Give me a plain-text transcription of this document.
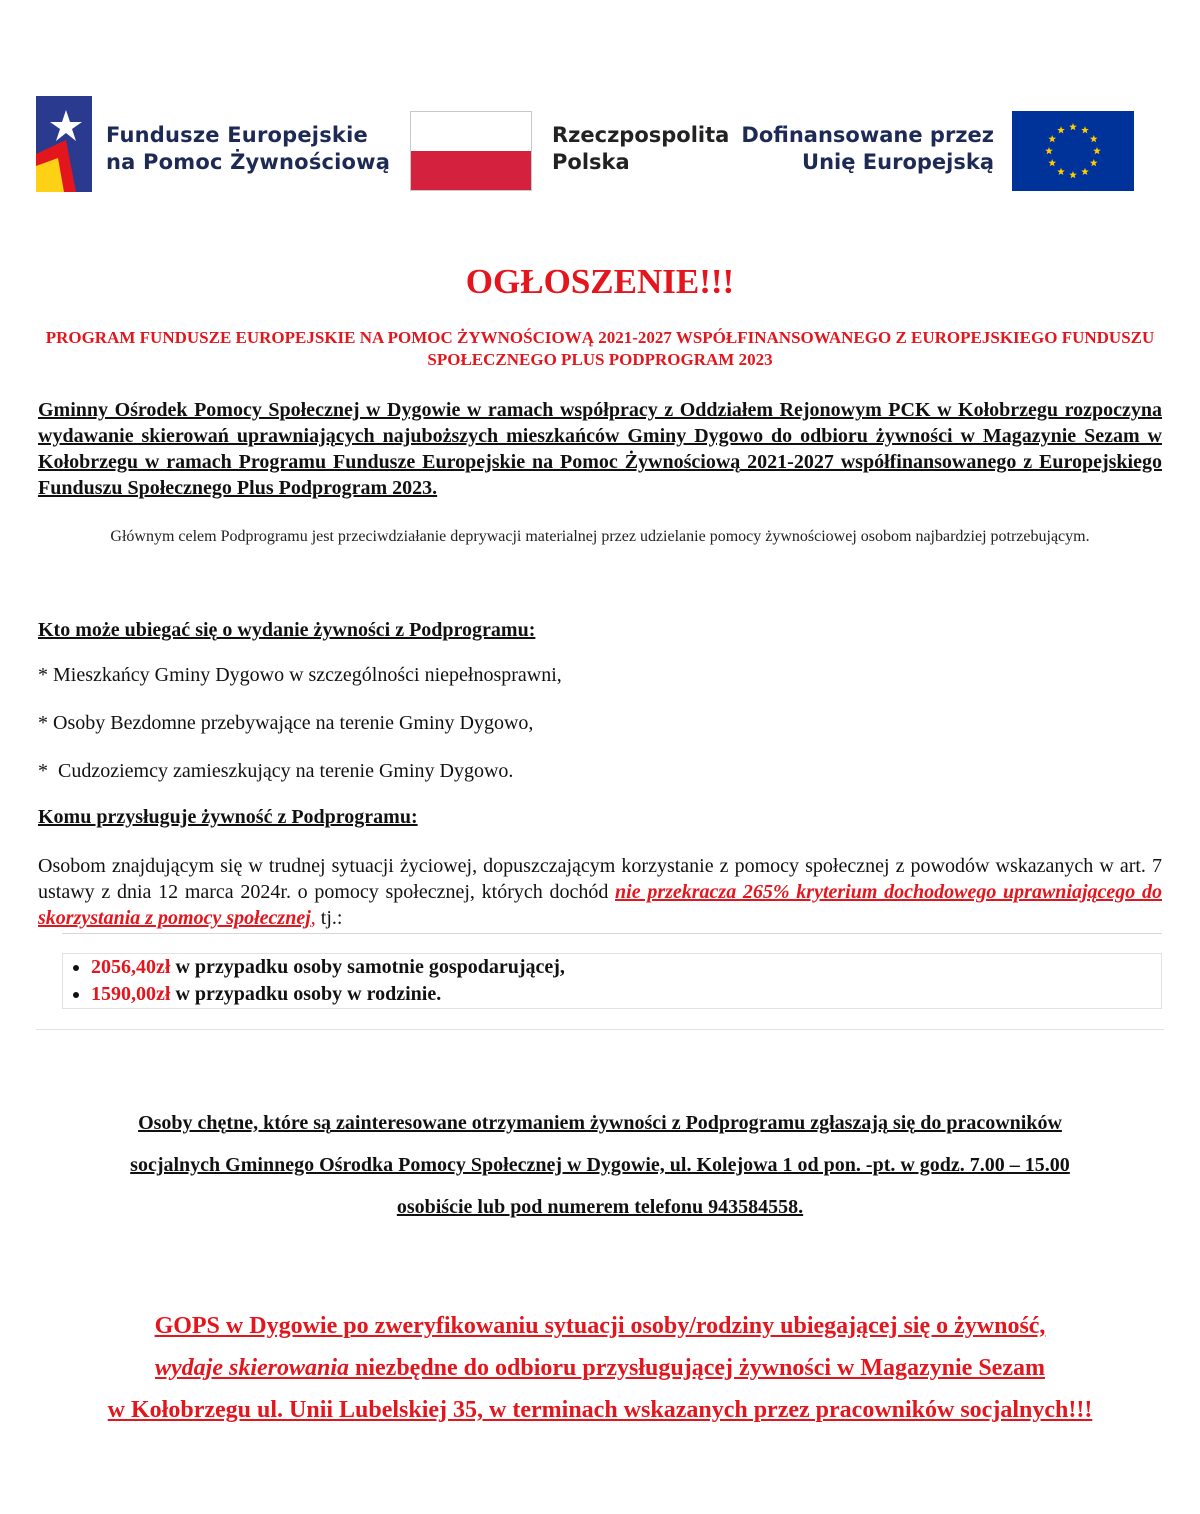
Fundusze Europejskie
na Pomoc Żywnościową
Rzeczpospolita
Polska
Dofinansowane przez
Unię Europejską
OGŁOSZENIE!!!
PROGRAM FUNDUSZE EUROPEJSKIE NA POMOC ŻYWNOŚCIOWĄ 2021-2027 WSPÓŁFINANSOWANEGO Z EUROPEJSKIEGO FUNDUSZU SPOŁECZNEGO PLUS PODPROGRAM 2023
Gminny Ośrodek Pomocy Społecznej w Dygowie w ramach współpracy z Oddziałem Rejonowym PCK w Kołobrzegu rozpoczyna wydawanie skierowań uprawniających najuboższych mieszkańców Gminy Dygowo do odbioru żywności w Magazynie Sezam w Kołobrzegu w ramach Programu Fundusze Europejskie na Pomoc Żywnościową 2021-2027 współfinansowanego z Europejskiego Funduszu Społecznego Plus Podprogram 2023.
Głównym celem Podprogramu jest przeciwdziałanie deprywacji materialnej przez udzielanie pomocy żywnościowej osobom najbardziej potrzebującym.
Kto może ubiegać się o wydanie żywności z Podprogramu:
* Mieszkańcy Gminy Dygowo w szczególności niepełnosprawni,
* Osoby Bezdomne przebywające na terenie Gminy Dygowo,
*  Cudzoziemcy zamieszkujący na terenie Gminy Dygowo.
Komu przysługuje żywność z Podprogramu:
Osobom znajdującym się w trudnej sytuacji życiowej, dopuszczającym korzystanie z pomocy społecznej z powodów wskazanych w art. 7 ustawy z dnia 12 marca 2024r. o pomocy społecznej, których dochód nie przekracza 265% kryterium dochodowego uprawniającego do skorzystania z pomocy społecznej, tj.:
• 2056,40zł w przypadku osoby samotnie gospodarującej,
• 1590,00zł w przypadku osoby w rodzinie.
Osoby chętne, które są zainteresowane otrzymaniem żywności z Podprogramu zgłaszają się do pracowników
socjalnych Gminnego Ośrodka Pomocy Społecznej w Dygowie, ul. Kolejowa 1 od pon. -pt. w godz. 7.00 – 15.00
osobiście lub pod numerem telefonu 943584558.
GOPS w Dygowie po zweryfikowaniu sytuacji osoby/rodziny ubiegającej się o żywność,
wydaje skierowania niezbędne do odbioru przysługującej żywności w Magazynie Sezam
w Kołobrzegu ul. Unii Lubelskiej 35, w terminach wskazanych przez pracowników socjalnych!!!
